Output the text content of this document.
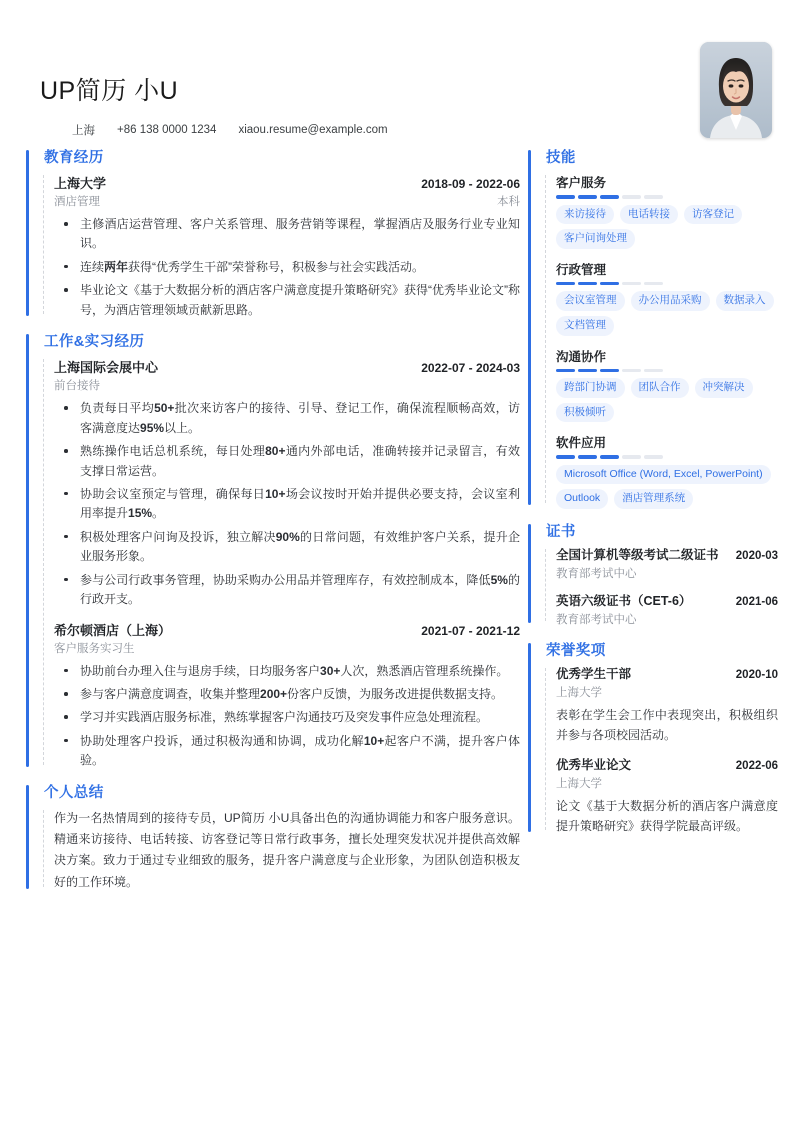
UP简历 小U
上海 +86 138 0000 1234 xiaou.resume@example.com
教育经历
上海大学	2018-09 - 2022-06
酒店管理	本科
主修酒店运营管理、客户关系管理、服务营销等课程，掌握酒店及服务行业专业知识。
连续两年获得“优秀学生干部”荣誉称号，积极参与社会实践活动。
毕业论文《基于大数据分析的酒店客户满意度提升策略研究》获得“优秀毕业论文”称号，为酒店管理领域贡献新思路。
工作&实习经历
上海国际会展中心	2022-07 - 2024-03
前台接待
负责每日平均50+批次来访客户的接待、引导、登记工作，确保流程顺畅高效，访客满意度达95%以上。
熟练操作电话总机系统，每日处理80+通内外部电话，准确转接并记录留言，有效支撑日常运营。
协助会议室预定与管理，确保每日10+场会议按时开始并提供必要支持，会议室利用率提升15%。
积极处理客户问询及投诉，独立解决90%的日常问题，有效维护客户关系，提升企业服务形象。
参与公司行政事务管理，协助采购办公用品并管理库存，有效控制成本，降低5%的行政开支。
希尔顿酒店（上海）	2021-07 - 2021-12
客户服务实习生
协助前台办理入住与退房手续，日均服务客户30+人次，熟悉酒店管理系统操作。
参与客户满意度调查，收集并整理200+份客户反馈，为服务改进提供数据支持。
学习并实践酒店服务标准，熟练掌握客户沟通技巧及突发事件应急处理流程。
协助处理客户投诉，通过积极沟通和协调，成功化解10+起客户不满，提升客户体验。
个人总结

作为一名热情周到的接待专员，UP简历 小U具备出色的沟通协调能力和客户服务意识。精通来访接待、电话转接、访客登记等日常行政事务，擅长处理突发状况并提供高效解决方案。致力于通过专业细致的服务，提升客户满意度与企业形象，为团队创造积极友好的工作环境。

技能
客户服务
来访接待	电话转接	访客登记
客户问询处理
行政管理
会议室管理	办公用品采购	数据录入
文档管理
沟通协作
跨部门协调	团队合作	冲突解决
积极倾听
软件应用
Microsoft Office (Word, Excel, PowerPoint)
Outlook	酒店管理系统
证书
全国计算机等级考试二级证书 2020-03
教育部考试中心
英语六级证书（CET-6）	2021-06
教育部考试中心
荣誉奖项
优秀学生干部	2020-10
上海大学
表彰在学生会工作中表现突出，积极组织并参与各项校园活动。
优秀毕业论文	2022-06
上海大学
论文《基于大数据分析的酒店客户满意度提升策略研究》获得学院最高评级。
